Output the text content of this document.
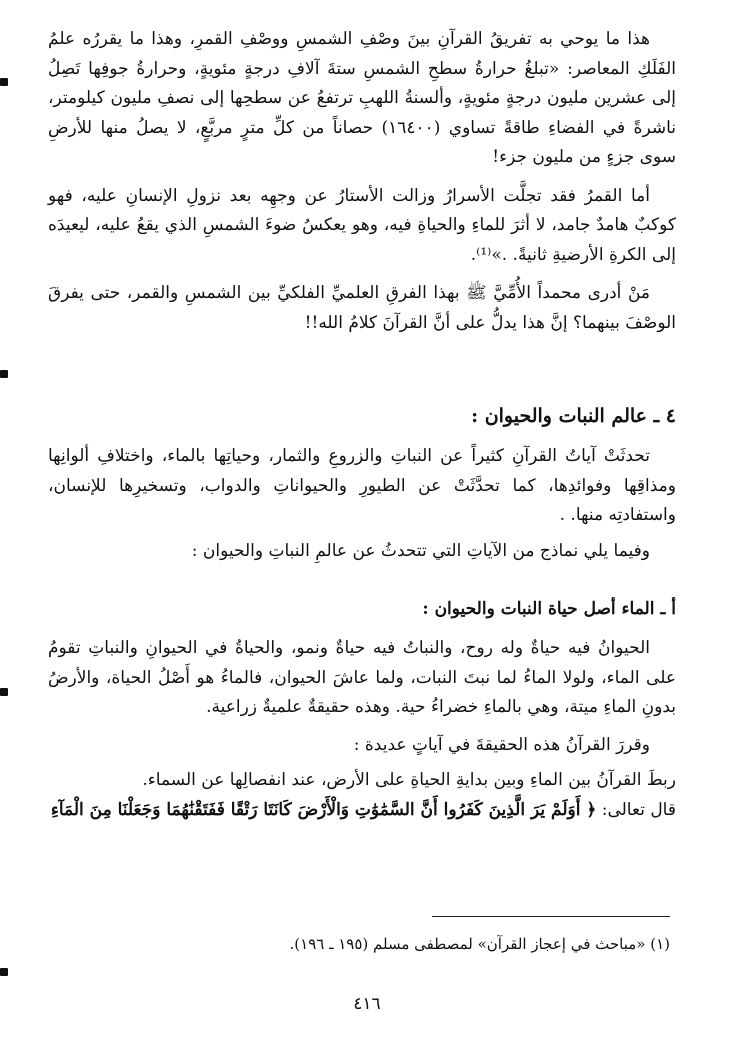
هذا ما يوحي به تفريقُ القرآنِ بينَ وصْفِ الشمسِ ووصْفِ القمرِ، وهذا ما يقررُه علمُ الفَلَكِ المعاصر: «تبلغُ حرارةُ سطحِ الشمسِ ستةَ آلافِ درجةٍ مئويةٍ، وحرارةُ جوفِها تَصِلُ إلى عشرين مليون درجةٍ مئويةٍ، وألسنةُ اللهبِ ترتفعُ عن سطحِها إلى نصفِ مليون كيلومتر، ناشرةً في الفضاءِ طاقةً تساوي (١٦٤٠٠) حصاناً من كلِّ مترٍ مربَّعٍ، لا يصلُ منها للأرضِ سوى جزءٍ من مليون جزء!

أما القمرُ فقد تجلَّت الأسرارُ وزالت الأستارُ عن وجهِه بعد نزولِ الإنسانِ عليه، فهو كوكبٌ هامدٌ جامد، لا أثرَ للماءِ والحياةِ فيه، وهو يعكسُ ضوءَ الشمسِ الذي يقعُ عليه، ليعيدَه إلى الكرةِ الأرضيةِ ثانيةً. .»⁽¹⁾.

مَنْ أدرى محمداً الأُمِّيَّ ﷺ بهذا الفرقِ العلميِّ الفلكيِّ بين الشمسِ والقمر، حتى يفرقَ الوصْفَ بينهما؟ إنَّ هذا يدلُّ على أنَّ القرآنَ كلامُ الله!!

٤ ـ عالم النبات والحيوان :

تحدثَتْ آياتُ القرآنِ كثيراً عن النباتِ والزروعِ والثمار، وحياتِها بالماء، واختلافِ ألوانِها ومذاقِها وفوائدِها، كما تحدَّثَتْ عن الطيورِ والحيواناتِ والدواب، وتسخيرِها للإنسان، واستفادتِه منها. .

وفيما يلي نماذج من الآياتِ التي تتحدثُ عن عالمِ النباتِ والحيوان :

أ ـ الماء أصل حياة النبات والحيوان :

الحيوانُ فيه حياةٌ وله روح، والنباتُ فيه حياةٌ ونمو، والحياةُ في الحيوانِ والنباتِ تقومُ على الماء، ولولا الماءُ لما نبتَ النبات، ولما عاشَ الحيوان، فالماءُ هو أَصْلُ الحياة، والأرضُ بدونِ الماءِ ميتة، وهي بالماءِ خضراءُ حية. وهذه حقيقةٌ علميةٌ زراعية.

وقررَ القرآنُ هذه الحقيقةَ في آياتٍ عديدة :

ربطَ القرآنُ بين الماءِ وبين بدايةِ الحياةِ على الأرض، عند انفصالِها عن السماء.

قال تعالى: ﴿ أَوَلَمْ يَرَ الَّذِينَ كَفَرُوا أَنَّ السَّمَٰوَٰتِ وَالْأَرْضَ كَانَتَا رَتْقًا فَفَتَقْنَٰهُمَا وَجَعَلْنَا مِنَ الْمَآءِ

(١) «مباحث في إعجاز القرآن» لمصطفى مسلم (١٩٥ ـ ١٩٦).
٤١٦
